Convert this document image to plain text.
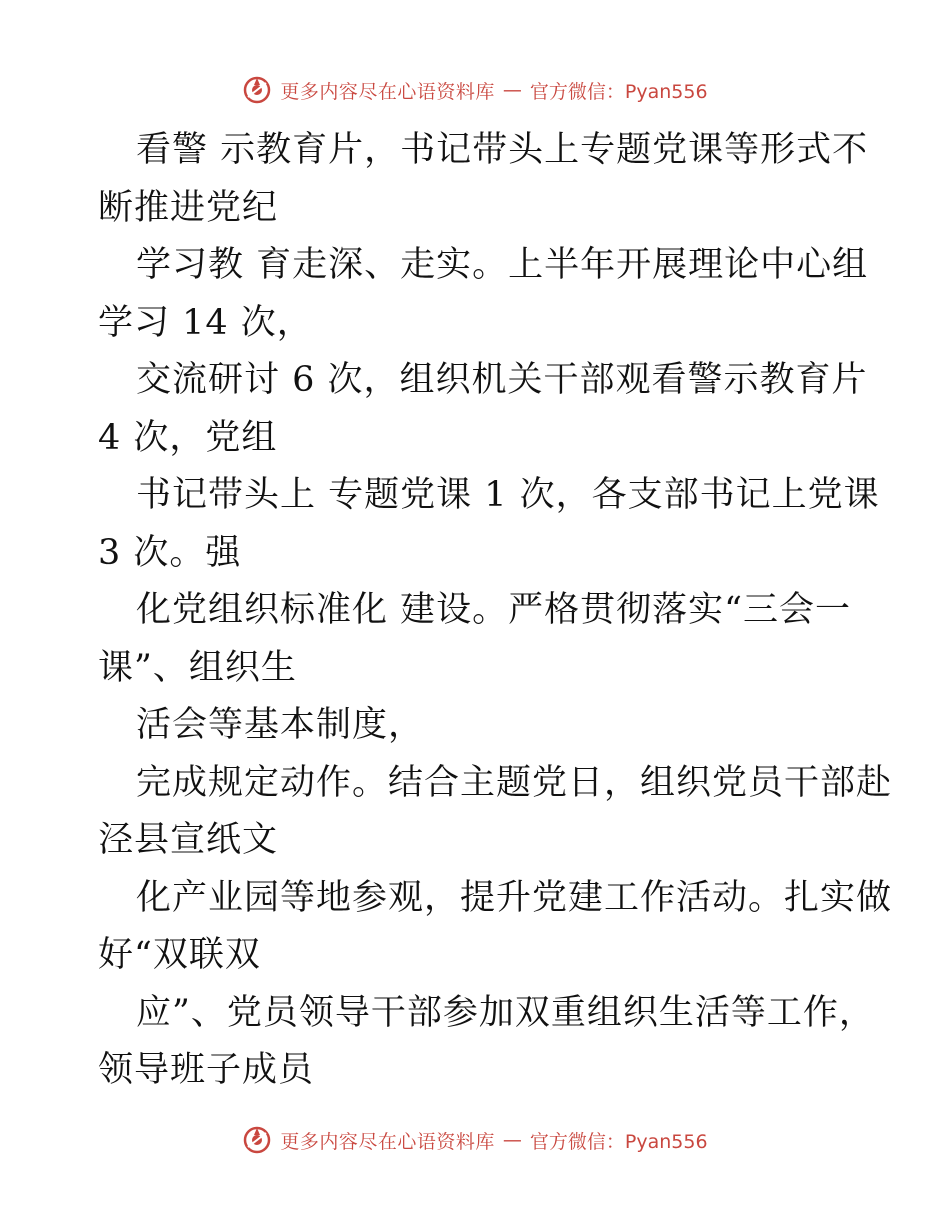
更多内容尽在心语资料库 — 官方微信：Pyan556
看警 示教育片，书记带头上专题党课等形式不
断推进党纪
学习教 育走深、走实。上半年开展理论中心组
学习 14 次，
交流研讨 6 次，组织机关干部观看警示教育片
4 次，党组
书记带头上 专题党课 1 次，各支部书记上党课
3 次。强
化党组织标准化 建设。严格贯彻落实“三会一
课”、组织生
活会等基本制度，
完成规定动作。结合主题党日，组织党员干部赴
泾县宣纸文
化产业园等地参观，提升党建工作活动。扎实做
好“双联双
应”、党员领导干部参加双重组织生活等工作，
领导班子成员
更多内容尽在心语资料库 — 官方微信：Pyan556
